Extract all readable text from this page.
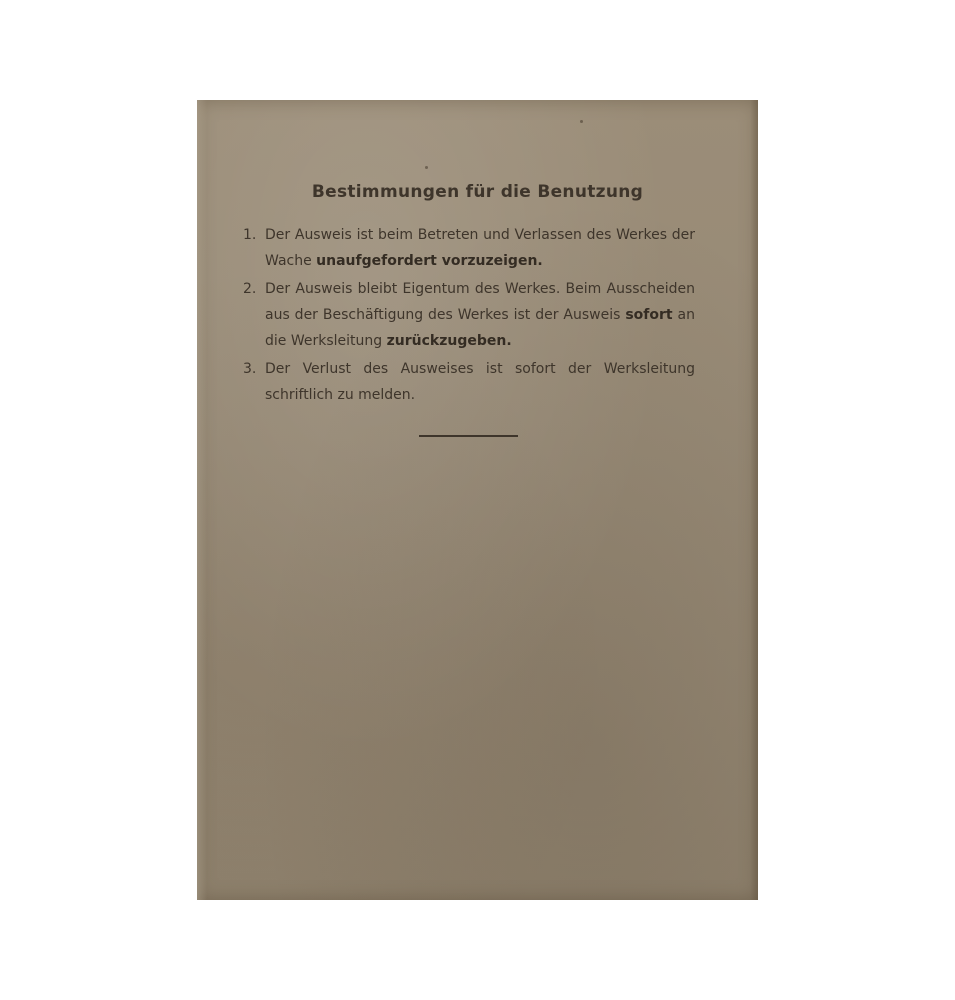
Bestimmungen für die Benutzung
1. Der Ausweis ist beim Betreten und Verlassen des Werkes der Wache unaufgefordert vorzuzeigen.
2. Der Ausweis bleibt Eigentum des Werkes. Beim Ausscheiden aus der Beschäftigung des Werkes ist der Ausweis sofort an die Werksleitung zurückzugeben.
3. Der Verlust des Ausweises ist sofort der Werksleitung schriftlich zu melden.
